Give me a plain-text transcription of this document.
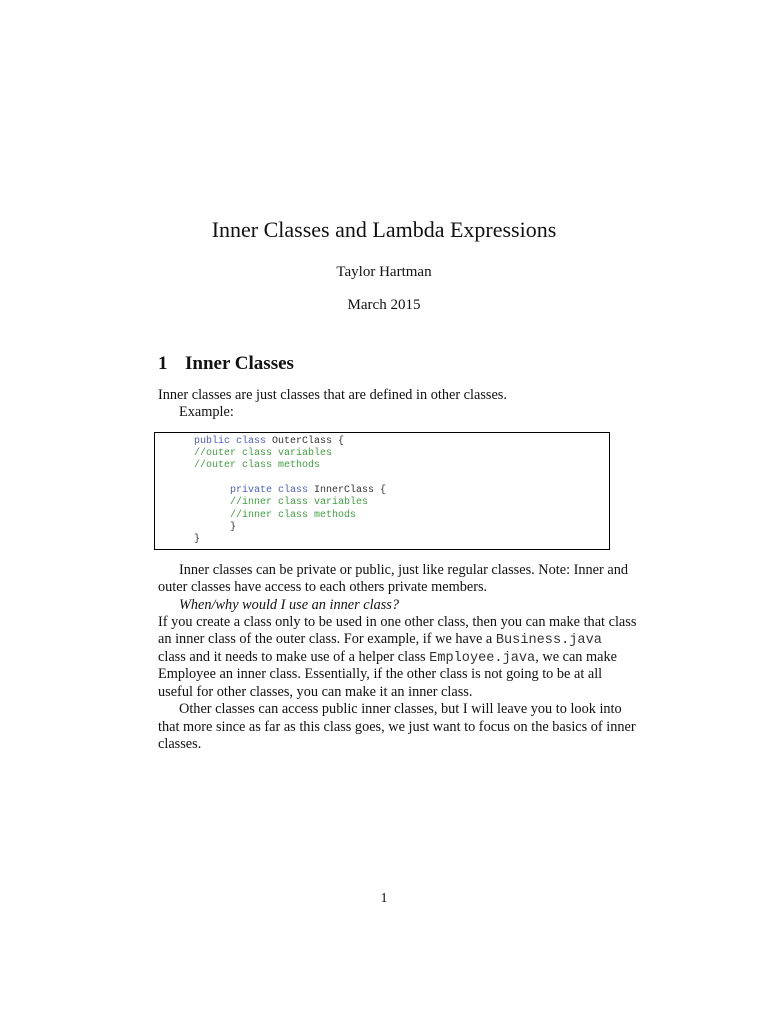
Inner Classes and Lambda Expressions
Taylor Hartman
March 2015
1 Inner Classes
Inner classes are just classes that are defined in other classes.
Example:
public class OuterClass {
//outer class variables
//outer class methods
private class InnerClass {
//inner class variables
//inner class methods
}
}
Inner classes can be private or public, just like regular classes. Note: Inner and
outer classes have access to each others private members.
When/why would I use an inner class?
If you create a class only to be used in one other class, then you can make that class
an inner class of the outer class. For example, if we have a Business.java
class and it needs to make use of a helper class Employee.java, we can make
Employee an inner class. Essentially, if the other class is not going to be at all
useful for other classes, you can make it an inner class.
Other classes can access public inner classes, but I will leave you to look into
that more since as far as this class goes, we just want to focus on the basics of inner
classes.
1
